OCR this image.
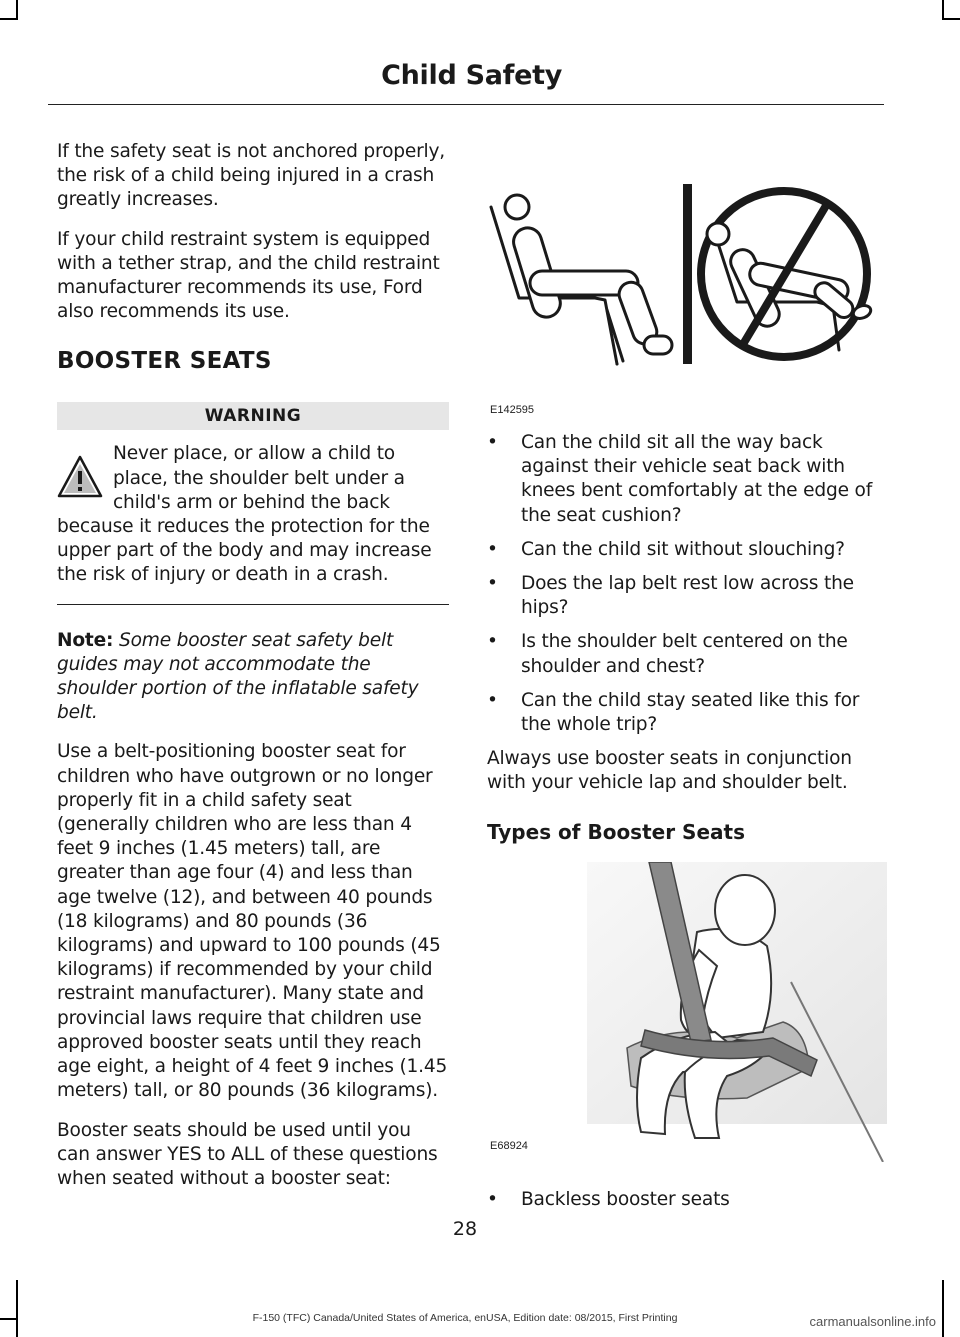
Child Safety

If the safety seat is not anchored properly, the risk of a child being injured in a crash greatly increases.

If your child restraint system is equipped with a tether strap, and the child restraint manufacturer recommends its use, Ford also recommends its use.

BOOSTER SEATS
WARNING
Never place, or allow a child to place, the shoulder belt under a child's arm or behind the back because it reduces the protection for the upper part of the body and may increase the risk of injury or death in a crash.

Note: Some booster seat safety belt guides may not accommodate the shoulder portion of the inflatable safety belt.

Use a belt-positioning booster seat for children who have outgrown or no longer properly fit in a child safety seat (generally children who are less than 4 feet 9 inches (1.45 meters) tall, are greater than age four (4) and less than age twelve (12), and between 40 pounds (18 kilograms) and 80 pounds (36 kilograms) and upward to 100 pounds (45 kilograms) if recommended by your child restraint manufacturer). Many state and provincial laws require that children use approved booster seats until they reach age eight, a height of 4 feet 9 inches (1.45 meters) tall, or 80 pounds (36 kilograms).

Booster seats should be used until you can answer YES to ALL of these questions when seated without a booster seat:

E142595
• Can the child sit all the way back against their vehicle seat back with knees bent comfortably at the edge of the seat cushion?
• Can the child sit without slouching?
• Does the lap belt rest low across the hips?
• Is the shoulder belt centered on the shoulder and chest?
• Can the child stay seated like this for the whole trip?

Always use booster seats in conjunction with your vehicle lap and shoulder belt.

Types of Booster Seats
E68924
• Backless booster seats
28
F-150 (TFC) Canada/United States of America, enUSA, Edition date: 08/2015, First Printing	carmanualsonline.info
